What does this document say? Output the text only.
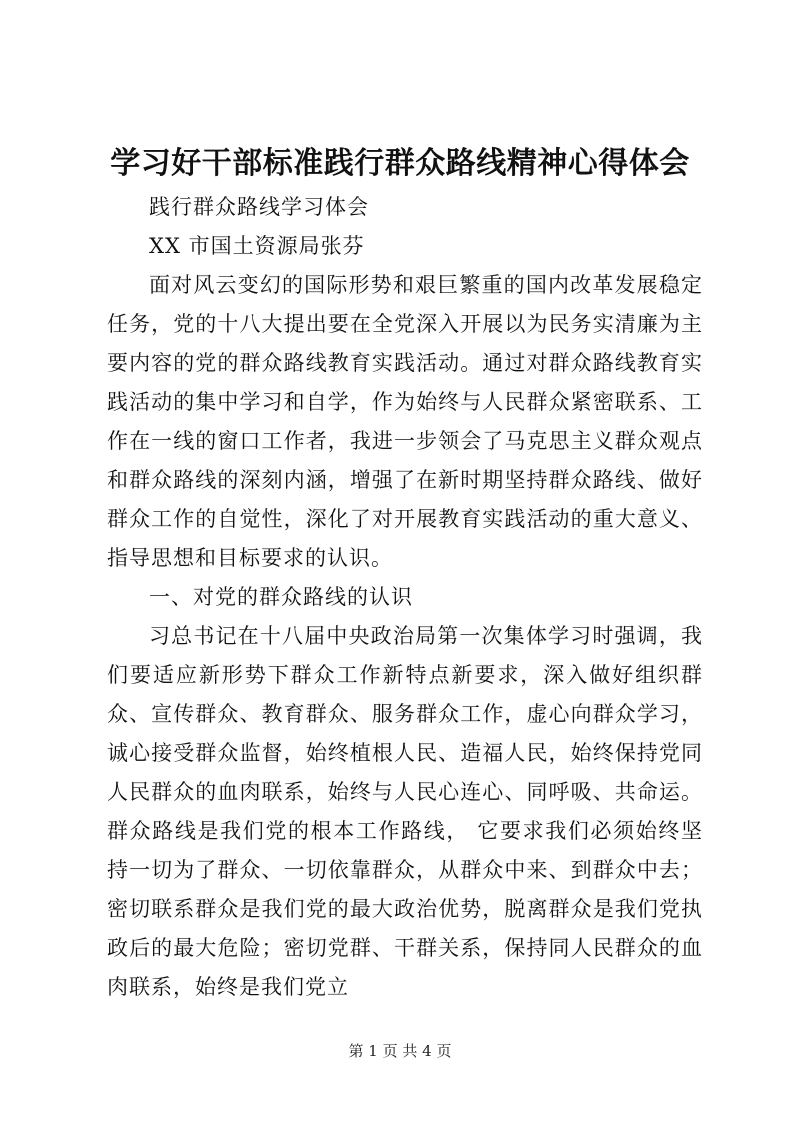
学习好干部标准践行群众路线精神心得体会

践行群众路线学习体会

XX 市国土资源局张芬

面对风云变幻的国际形势和艰巨繁重的国内改革发展稳定任务，党的十八大提出要在全党深入开展以为民务实清廉为主要内容的党的群众路线教育实践活动。通过对群众路线教育实践活动的集中学习和自学，作为始终与人民群众紧密联系、工作在一线的窗口工作者，我进一步领会了马克思主义群众观点和群众路线的深刻内涵，增强了在新时期坚持群众路线、做好群众工作的自觉性，深化了对开展教育实践活动的重大意义、指导思想和目标要求的认识。

一、对党的群众路线的认识

习总书记在十八届中央政治局第一次集体学习时强调，我们要适应新形势下群众工作新特点新要求，深入做好组织群众、宣传群众、教育群众、服务群众工作，虚心向群众学习，诚心接受群众监督，始终植根人民、造福人民，始终保持党同人民群众的血肉联系，始终与人民心连心、同呼吸、共命运。群众路线是我们党的根本工作路线， 它要求我们必须始终坚持一切为了群众、一切依靠群众，从群众中来、到群众中去；密切联系群众是我们党的最大政治优势，脱离群众是我们党执政后的最大危险；密切党群、干群关系，保持同人民群众的血肉联系，始终是我们党立

第 1 页 共 4 页
